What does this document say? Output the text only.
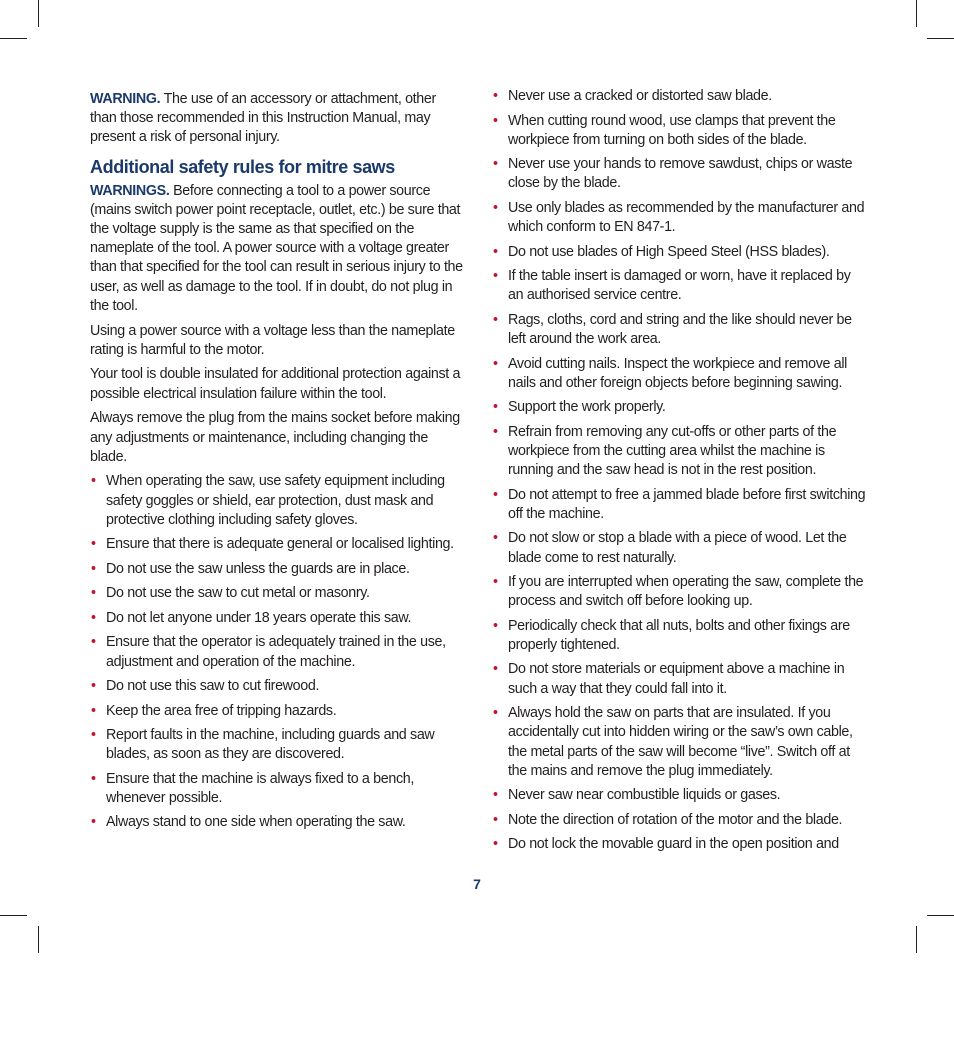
WARNING. The use of an accessory or attachment, other than those recommended in this Instruction Manual, may present a risk of personal injury.

Additional safety rules for mitre saws

WARNINGS. Before connecting a tool to a power source (mains switch power point receptacle, outlet, etc.) be sure that the voltage supply is the same as that specified on the nameplate of the tool. A power source with a voltage greater than that specified for the tool can result in serious injury to the user, as well as damage to the tool. If in doubt, do not plug in the tool.

Using a power source with a voltage less than the nameplate rating is harmful to the motor.

Your tool is double insulated for additional protection against a possible electrical insulation failure within the tool.

Always remove the plug from the mains socket before making any adjustments or maintenance, including changing the blade.

• When operating the saw, use safety equipment including safety goggles or shield, ear protection, dust mask and protective clothing including safety gloves.
• Ensure that there is adequate general or localised lighting.
• Do not use the saw unless the guards are in place.
• Do not use the saw to cut metal or masonry.
• Do not let anyone under 18 years operate this saw.
• Ensure that the operator is adequately trained in the use, adjustment and operation of the machine.
• Do not use this saw to cut firewood.
• Keep the area free of tripping hazards.
• Report faults in the machine, including guards and saw blades, as soon as they are discovered.
• Ensure that the machine is always fixed to a bench, whenever possible.
• Always stand to one side when operating the saw.
• Never use a cracked or distorted saw blade.
• When cutting round wood, use clamps that prevent the workpiece from turning on both sides of the blade.
• Never use your hands to remove sawdust, chips or waste close by the blade.
• Use only blades as recommended by the manufacturer and which conform to EN 847-1.
• Do not use blades of High Speed Steel (HSS blades).
• If the table insert is damaged or worn, have it replaced by an authorised service centre.
• Rags, cloths, cord and string and the like should never be left around the work area.
• Avoid cutting nails. Inspect the workpiece and remove all nails and other foreign objects before beginning sawing.
• Support the work properly.
• Refrain from removing any cut-offs or other parts of the workpiece from the cutting area whilst the machine is running and the saw head is not in the rest position.
• Do not attempt to free a jammed blade before first switching off the machine.
• Do not slow or stop a blade with a piece of wood. Let the blade come to rest naturally.
• If you are interrupted when operating the saw, complete the process and switch off before looking up.
• Periodically check that all nuts, bolts and other fixings are properly tightened.
• Do not store materials or equipment above a machine in such a way that they could fall into it.
• Always hold the saw on parts that are insulated. If you accidentally cut into hidden wiring or the saw’s own cable, the metal parts of the saw will become “live”. Switch off at the mains and remove the plug immediately.
• Never saw near combustible liquids or gases.
• Note the direction of rotation of the motor and the blade.
• Do not lock the movable guard in the open position and
7
